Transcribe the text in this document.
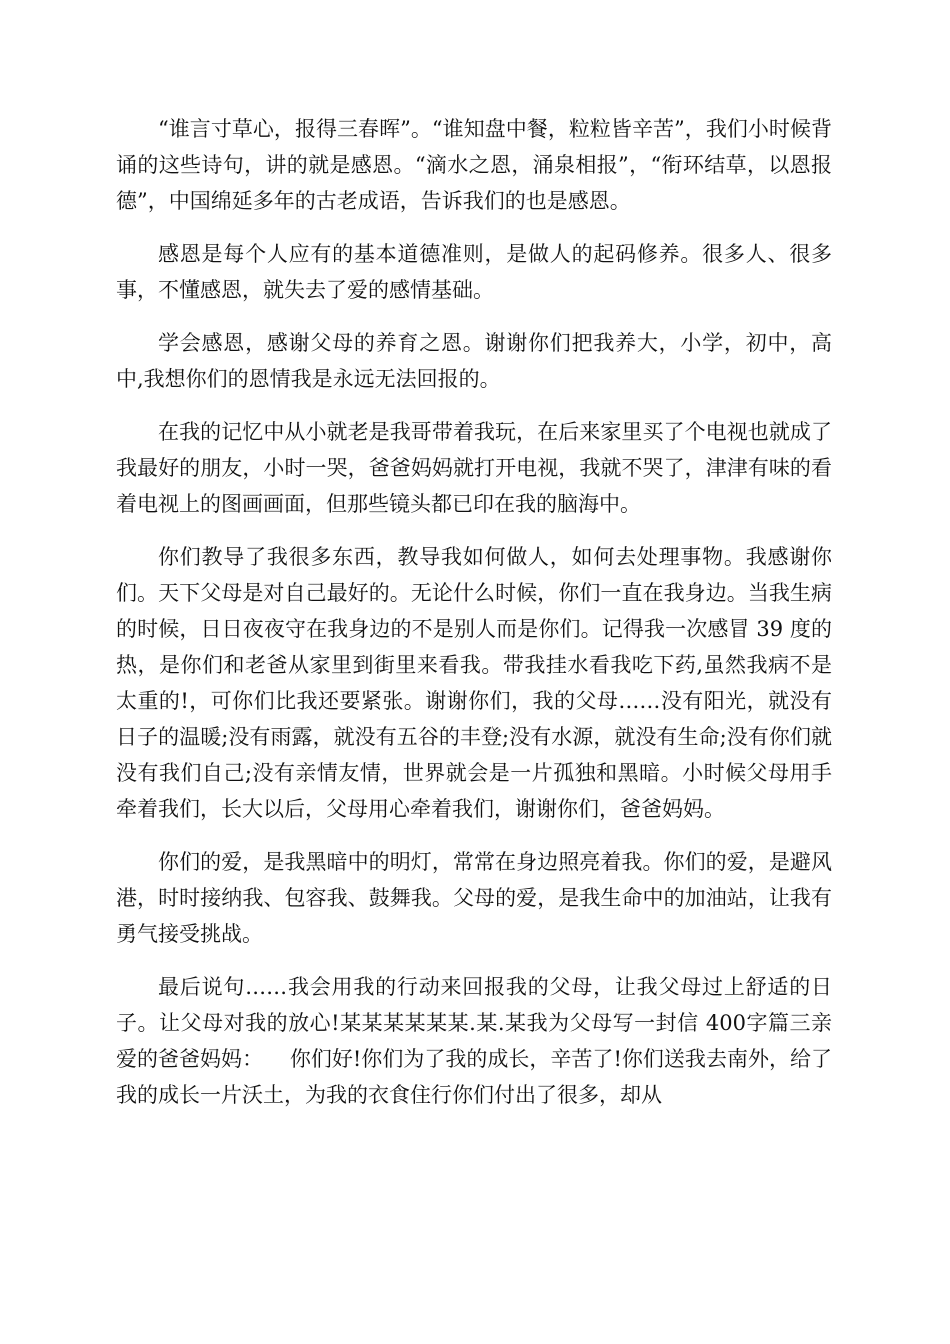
“谁言寸草心，报得三春晖”。“谁知盘中餐，粒粒皆辛苦”，我们小时候背诵的这些诗句，讲的就是感恩。“滴水之恩，涌泉相报”，“衔环结草，以恩报德”，中国绵延多年的古老成语，告诉我们的也是感恩。

感恩是每个人应有的基本道德准则，是做人的起码修养。很多人、很多事，不懂感恩，就失去了爱的感情基础。

学会感恩，感谢父母的养育之恩。谢谢你们把我养大，小学，初中，高中,我想你们的恩情我是永远无法回报的。

在我的记忆中从小就老是我哥带着我玩，在后来家里买了个电视也就成了我最好的朋友，小时一哭，爸爸妈妈就打开电视，我就不哭了，津津有味的看着电视上的图画画面，但那些镜头都已印在我的脑海中。

你们教导了我很多东西，教导我如何做人，如何去处理事物。我感谢你们。天下父母是对自己最好的。无论什么时候，你们一直在我身边。当我生病的时候，日日夜夜守在我身边的不是别人而是你们。记得我一次感冒 39 度的热，是你们和老爸从家里到街里来看我。带我挂水看我吃下药,虽然我病不是太重的!，可你们比我还要紧张。谢谢你们，我的父母……没有阳光，就没有日子的温暖;没有雨露，就没有五谷的丰登;没有水源，就没有生命;没有你们就没有我们自己;没有亲情友情，世界就会是一片孤独和黑暗。小时候父母用手牵着我们，长大以后，父母用心牵着我们，谢谢你们，爸爸妈妈。

你们的爱，是我黑暗中的明灯，常常在身边照亮着我。你们的爱，是避风港，时时接纳我、包容我、鼓舞我。父母的爱，是我生命中的加油站，让我有勇气接受挑战。

最后说句……我会用我的行动来回报我的父母，让我父母过上舒适的日子。让父母对我的放心!某某某某某某.某.某我为父母写一封信 400字篇三亲爱的爸爸妈妈：    你们好!你们为了我的成长，辛苦了!你们送我去南外，给了我的成长一片沃土，为我的衣食住行你们付出了很多，却从
